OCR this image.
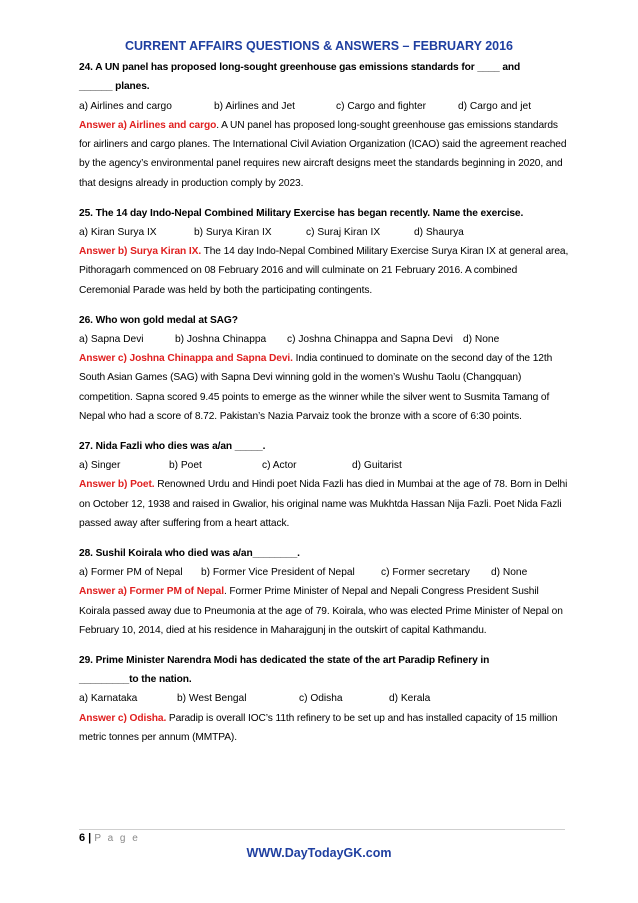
CURRENT AFFAIRS QUESTIONS & ANSWERS – FEBRUARY 2016
24. A UN panel has proposed long-sought greenhouse gas emissions standards for ____ and
______ planes.
a) Airlines and cargo	b) Airlines and Jet	c) Cargo and fighter	d) Cargo and jet
Answer a) Airlines and cargo. A UN panel has proposed long-sought greenhouse gas emissions standards for airliners and cargo planes. The International Civil Aviation Organization (ICAO) said the agreement reached by the agency’s environmental panel requires new aircraft designs meet the standards beginning in 2020, and that designs already in production comply by 2023.
25. The 14 day Indo-Nepal Combined Military Exercise has began recently. Name the exercise.
a) Kiran Surya IX	b) Surya Kiran IX	c) Suraj Kiran IX	d) Shaurya
Answer b) Surya Kiran IX. The 14 day Indo-Nepal Combined Military Exercise Surya Kiran IX at general area, Pithoragarh commenced on 08 February 2016 and will culminate on 21 February 2016. A combined Ceremonial Parade was held by both the participating contingents.
26. Who won gold medal at SAG?
a) Sapna Devi	b) Joshna Chinappa	c) Joshna Chinappa and Sapna Devi d) None
Answer c) Joshna Chinappa and Sapna Devi. India continued to dominate on the second day of the 12th South Asian Games (SAG) with Sapna Devi winning gold in the women’s Wushu Taolu (Changquan) competition. Sapna scored 9.45 points to emerge as the winner while the silver went to Susmita Tamang of Nepal who had a score of 8.72. Pakistan’s Nazia Parvaiz took the bronze with a score of 6:30 points.
27. Nida Fazli who dies was a/an _____.
a) Singer	b) Poet	c) Actor	d) Guitarist
Answer b) Poet. Renowned Urdu and Hindi poet Nida Fazli has died in Mumbai at the age of 78. Born in Delhi on October 12, 1938 and raised in Gwalior, his original name was Mukhtda Hassan Nija Fazli. Poet Nida Fazli passed away after suffering from a heart attack.
28. Sushil Koirala who died was a/an________.
a) Former PM of Nepal	b) Former Vice President of Nepal	c) Former secretary	d) None
Answer a) Former PM of Nepal. Former Prime Minister of Nepal and Nepali Congress President Sushil Koirala passed away due to Pneumonia at the age of 79. Koirala, who was elected Prime Minister of Nepal on February 10, 2014, died at his residence in Maharajgunj in the outskirt of capital Kathmandu.
29. Prime Minister Narendra Modi has dedicated the state of the art Paradip Refinery in
_________to the nation.
a) Karnataka	b) West Bengal	c) Odisha	d) Kerala
Answer c) Odisha. Paradip is overall IOC’s 11th refinery to be set up and has installed capacity of 15 million metric tonnes per annum (MMTPA).
6 | P a g e
WWW.DayTodayGK.com
